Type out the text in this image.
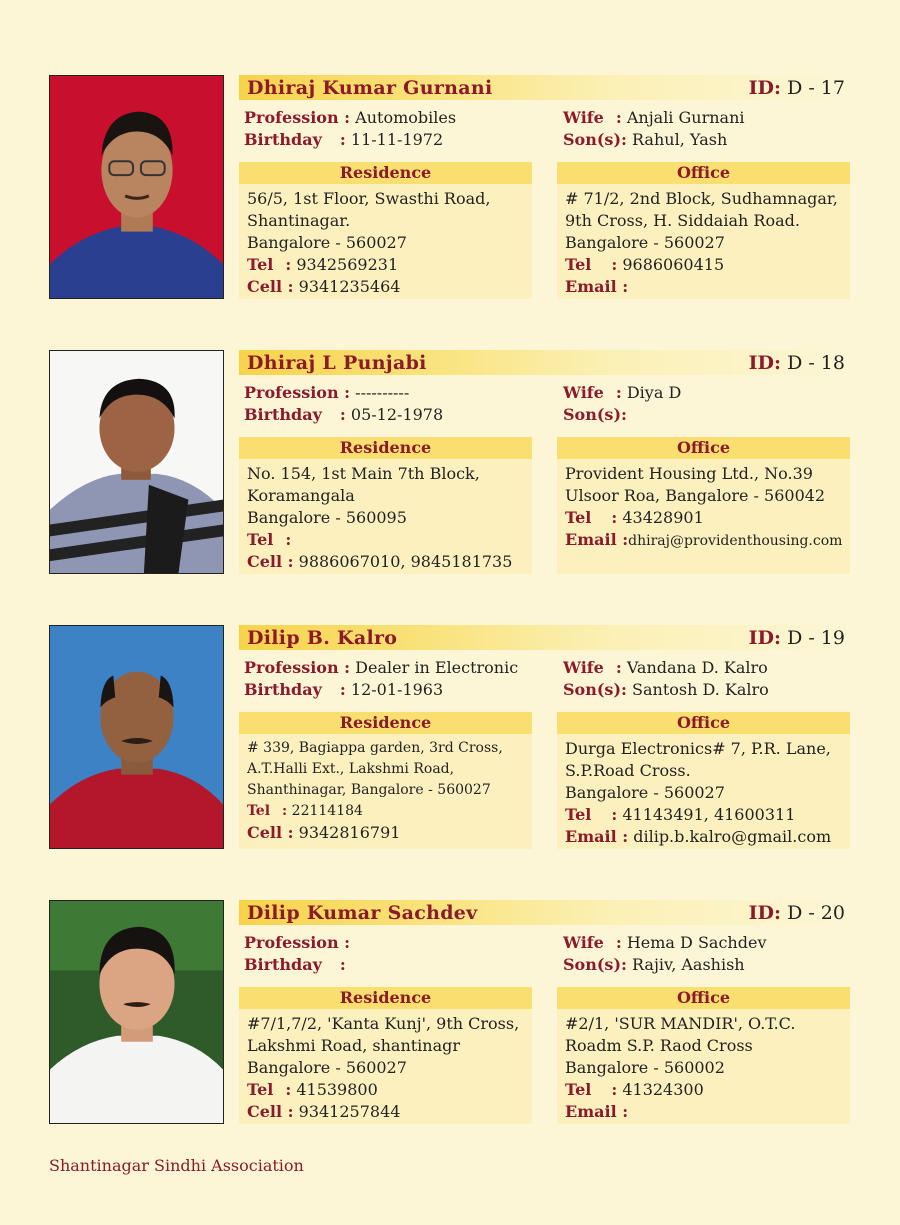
Dhiraj Kumar Gurnani	ID: D - 17
Profession : Automobiles
Birthday : 11-11-1972
Wife : Anjali Gurnani
Son(s): Rahul, Yash
Residence
56/5, 1st Floor, Swasthi Road,
Shantinagar.
Bangalore - 560027
Tel : 9342569231
Cell : 9341235464
Office
# 71/2, 2nd Block, Sudhamnagar,
9th Cross, H. Siddaiah Road.
Bangalore - 560027
Tel : 9686060415
Email :
Dhiraj L Punjabi	ID: D - 18
Profession : ----------
Birthday : 05-12-1978
Wife : Diya D
Son(s):
Residence
No. 154, 1st Main 7th Block,
Koramangala
Bangalore - 560095
Tel :
Cell : 9886067010, 9845181735
Office
Provident Housing Ltd., No.39
Ulsoor Roa, Bangalore - 560042
Tel : 43428901
Email :dhiraj@providenthousing.com
Dilip B. Kalro	ID: D - 19
Profession : Dealer in Electronic
Birthday : 12-01-1963
Wife : Vandana D. Kalro
Son(s): Santosh D. Kalro
Residence
# 339, Bagiappa garden, 3rd Cross,
A.T.Halli Ext., Lakshmi Road,
Shanthinagar, Bangalore - 560027
Tel : 22114184
Cell : 9342816791
Office
Durga Electronics# 7, P.R. Lane,
S.P.Road Cross.
Bangalore - 560027
Tel : 41143491, 41600311
Email : dilip.b.kalro@gmail.com
Dilip Kumar Sachdev	ID: D - 20
Profession :
Birthday :
Wife : Hema D Sachdev
Son(s): Rajiv, Aashish
Residence
#7/1,7/2, 'Kanta Kunj', 9th Cross,
Lakshmi Road, shantinagr
Bangalore - 560027
Tel : 41539800
Cell : 9341257844
Office
#2/1, 'SUR MANDIR', O.T.C.
Roadm S.P. Raod Cross
Bangalore - 560002
Tel : 41324300
Email :
Shantinagar Sindhi Association
